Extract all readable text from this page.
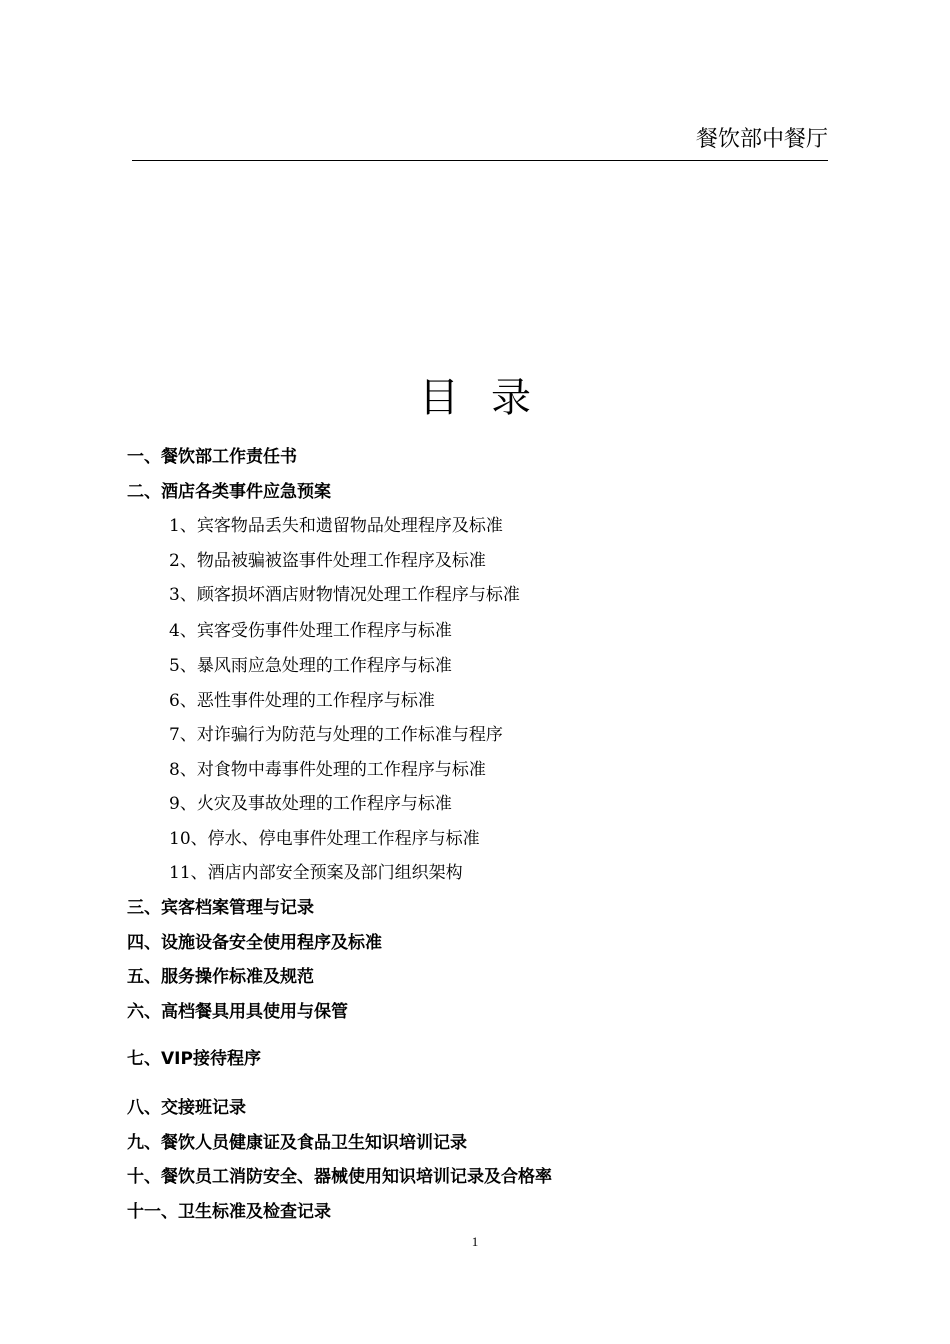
餐饮部中餐厅
目录
一、餐饮部工作责任书
二、酒店各类事件应急预案
1、宾客物品丢失和遗留物品处理程序及标准
2、物品被骗被盗事件处理工作程序及标准
3、顾客损坏酒店财物情况处理工作程序与标准
4、宾客受伤事件处理工作程序与标准
5、暴风雨应急处理的工作程序与标准
6、恶性事件处理的工作程序与标准
7、对诈骗行为防范与处理的工作标准与程序
8、对食物中毒事件处理的工作程序与标准
9、火灾及事故处理的工作程序与标准
10、停水、停电事件处理工作程序与标准
11、酒店内部安全预案及部门组织架构
三、宾客档案管理与记录
四、设施设备安全使用程序及标准
五、服务操作标准及规范
六、高档餐具用具使用与保管
七、VIP接待程序
八、交接班记录
九、餐饮人员健康证及食品卫生知识培训记录
十、餐饮员工消防安全、器械使用知识培训记录及合格率
十一、卫生标准及检查记录
1
